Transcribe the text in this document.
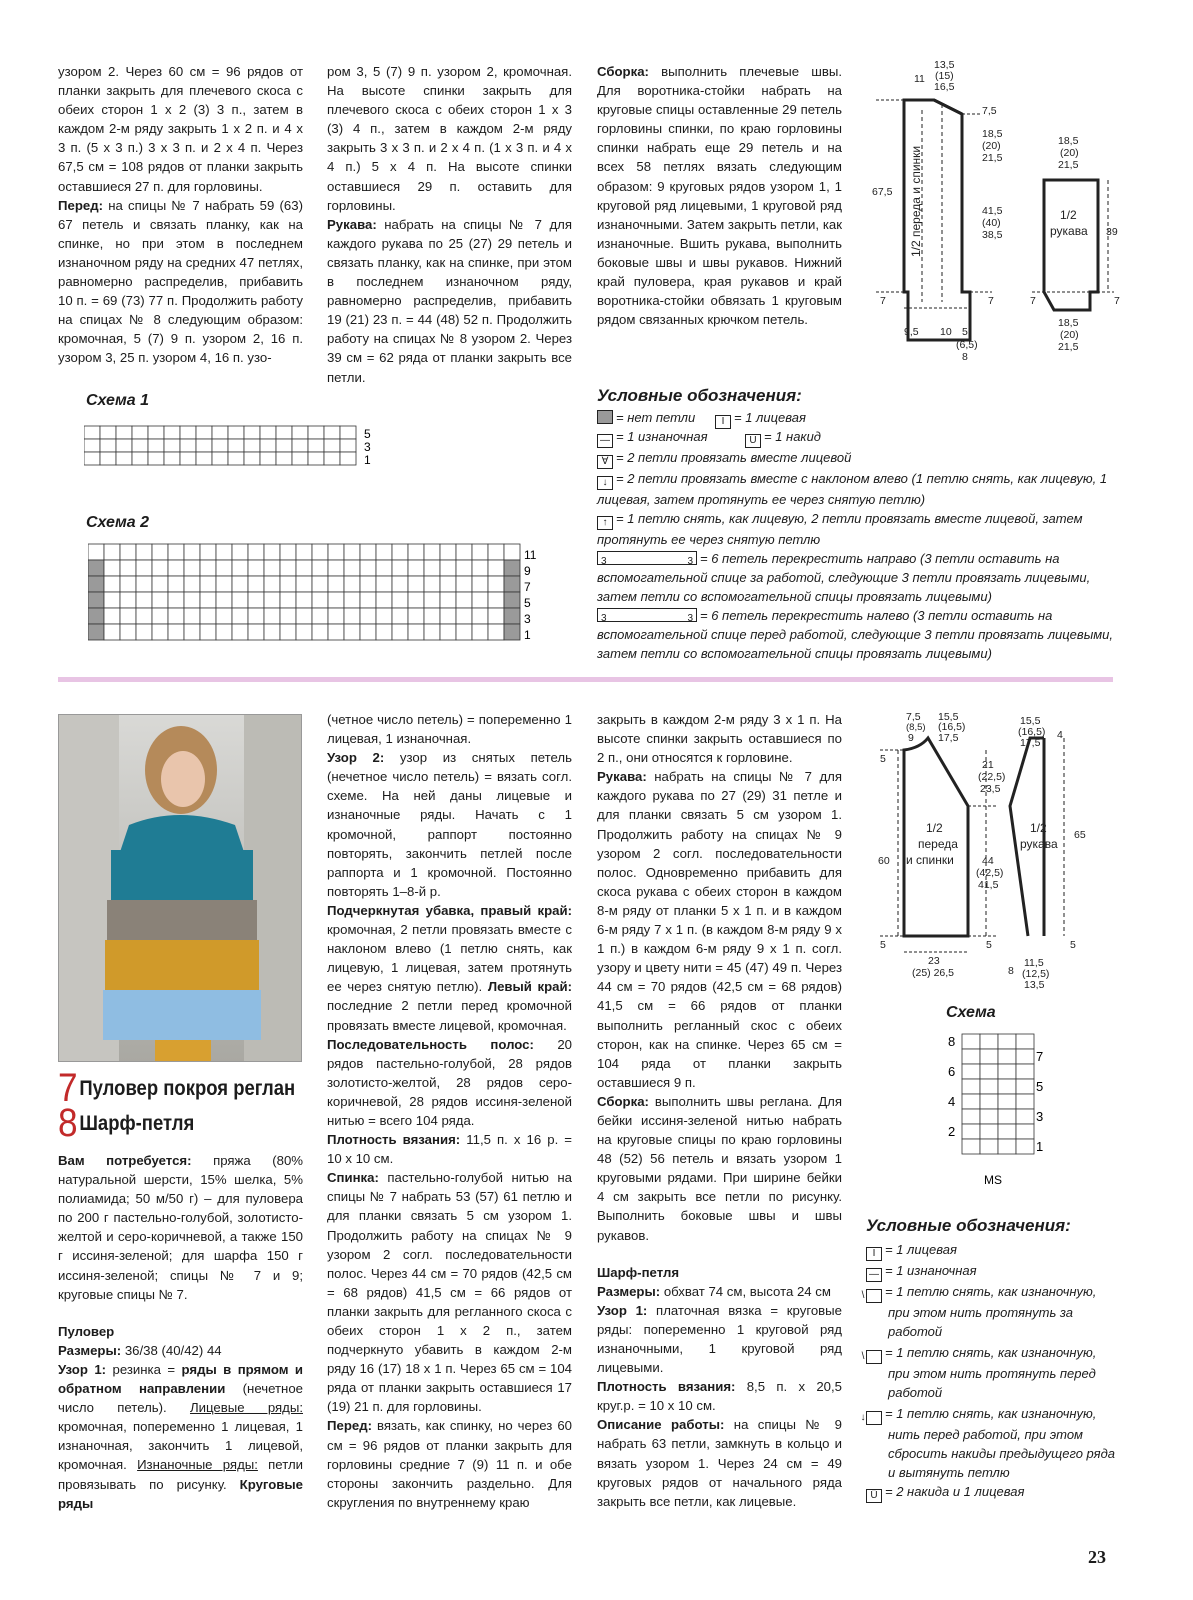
узором 2. Через 60 см = 96 рядов от планки закрыть для плечевого скоса с обеих сторон 1 х 2 (3) 3 п., затем в каждом 2-м ряду закрыть 1 х 2 п. и 4 х 3 п. (5 х 3 п.) 3 х 3 п. и 2 х 4 п. Через 67,5 см = 108 рядов от планки закрыть оставшиеся 27 п. для горловины.

Перед: на спицы № 7 набрать 59 (63) 67 петель и связать планку, как на спинке, но при этом в последнем изнаночном ряду на средних 47 петлях, равномерно распределив, прибавить 10 п. = 69 (73) 77 п. Продолжить работу на спицах № 8 следующим образом: кромочная, 5 (7) 9 п. узором 2, 16 п. узором 3, 25 п. узором 4, 16 п. узо-

ром 3, 5 (7) 9 п. узором 2, кромочная. На высоте спинки закрыть для плечевого скоса с обеих сторон 1 х 3 (3) 4 п., затем в каждом 2-м ряду закрыть 3 х 3 п. и 2 х 4 п. (1 х 3 п. и 4 х 4 п.) 5 х 4 п. На высоте спинки оставшиеся 29 п. оставить для горловины.

Рукава: набрать на спицы № 7 для каждого рукава по 25 (27) 29 петель и связать планку, как на спинке, при этом в последнем изнаночном ряду, равномерно распределив, прибавить 19 (21) 23 п. = 44 (48) 52 п. Продолжить работу на спицах № 8 узором 2. Через 39 см = 62 ряда от планки закрыть все петли.

Сборка: выполнить плечевые швы. Для воротника-стойки набрать на круговые спицы оставленные 29 петель горловины спинки, по краю горловины спинки набрать еще 29 петель и на всех 58 петлях вязать следующим образом: 9 круговых рядов узором 1, 1 круговой ряд лицевыми, 1 круговой ряд изнаночными. Затем закрыть петли, как изнаночные. Вшить рукава, выполнить боковые швы и швы рукавов. Нижний край пуловера, края рукавов и край воротника-стойки обвязать 1 круговым рядом связанных крючком петель.

13,5
(15)
16,5
11
7,5
18,5
(20)
21,5
67,5
41,5
(40)
38,5
7	7
9,5 10 5
(6,5)
8
1/2 переда и спинки
18,5
(20)
21,5
1/2
рукава 39
7	7
18,5
(20)
21,5
Схема 1
5
3
1
Схема 2
11
9
7
5
3
1
Условные обозначения:
= нет петли	I = 1 лицевая
— = 1 изнаночная	U = 1 накид
∀ = 2 петли провязать вместе лицевой
↓ = 2 петли провязать вместе с наклоном влево (1 петлю снять, как лицевую, 1 лицевая, затем протянуть ее через снятую петлю)
↑ = 1 петлю снять, как лицевую, 2 петли провязать вместе лицевой, затем протянуть ее через снятую петлю
3	3 = 6 петель перекрестить направо (3 петли оставить на вспомогательной спице за работой, следующие 3 петли провязать лицевыми, затем петли со вспомогательной спицы провязать лицевыми)
3	3 = 6 петель перекрестить налево (3 петли оставить на вспомогательной спице перед работой, следующие 3 петли провязать лицевыми, затем петли со вспомогательной спицы провязать лицевыми)
7Пуловер покроя реглан
8Шарф-петля

Вам потребуется: пряжа (80% натуральной шерсти, 15% шелка, 5% полиамида; 50 м/50 г) – для пуловера по 200 г пастельно-голубой, золотисто-желтой и серо-коричневой, а также 150 г иссиня-зеленой; для шарфа 150 г иссиня-зеленой; спицы № 7 и 9; круговые спицы № 7.

Пуловер

Размеры: 36/38 (40/42) 44

Узор 1: резинка = ряды в прямом и обратном направлении (нечетное число петель). Лицевые ряды: кромочная, попеременно 1 лицевая, 1 изнаночная, закончить 1 лицевой, кромочная. Изнаночные ряды: петли провязывать по рисунку. Круговые ряды

(четное число петель) = попеременно 1 лицевая, 1 изнаночная.

Узор 2: узор из снятых петель (нечетное число петель) = вязать согл. схеме. На ней даны лицевые и изнаночные ряды. Начать с 1 кромочной, раппорт постоянно повторять, закончить петлей после раппорта и 1 кромочной. Постоянно повторять 1–8-й р.

Подчеркнутая убавка, правый край: кромочная, 2 петли провязать вместе с наклоном влево (1 петлю снять, как лицевую, 1 лицевая, затем протянуть ее через снятую петлю). Левый край: последние 2 петли перед кромочной провязать вместе лицевой, кромочная.

Последовательность полос: 20 рядов пастельно-голубой, 28 рядов золотисто-желтой, 28 рядов серо-коричневой, 28 рядов иссиня-зеленой нитью = всего 104 ряда.

Плотность вязания: 11,5 п. х 16 р. = 10 х 10 см.

Спинка: пастельно-голубой нитью на спицы № 7 набрать 53 (57) 61 петлю и для планки связать 5 см узором 1. Продолжить работу на спицах № 9 узором 2 согл. последовательности полос. Через 44 см = 70 рядов (42,5 см = 68 рядов) 41,5 см = 66 рядов от планки закрыть для регланного скоса с обеих сторон 1 х 2 п., затем подчеркнуто убавить в каждом 2-м ряду 16 (17) 18 х 1 п. Через 65 см = 104 ряда от планки закрыть оставшиеся 17 (19) 21 п. для горловины.

Перед: вязать, как спинку, но через 60 см = 96 рядов от планки закрыть для горловины средние 7 (9) 11 п. и обе стороны закончить раздельно. Для скругления по внутреннему краю

закрыть в каждом 2-м ряду 3 х 1 п. На высоте спинки закрыть оставшиеся по 2 п., они относятся к горловине.

Рукава: набрать на спицы № 7 для каждого рукава по 27 (29) 31 петле и для планки связать 5 см узором 1. Продолжить работу на спицах № 9 узором 2 согл. последовательности полос. Одновременно прибавить для скоса рукава с обеих сторон в каждом 8-м ряду от планки 5 х 1 п. и в каждом 6-м ряду 7 х 1 п. (в каждом 8-м ряду 9 х 1 п.) в каждом 6-м ряду 9 х 1 п. согл. узору и цвету нити = 45 (47) 49 п. Через 44 см = 70 рядов (42,5 см = 68 рядов) 41,5 см = 66 рядов от планки выполнить регланный скос с обеих сторон, как на спинке. Через 65 см = 104 ряда от планки закрыть оставшиеся 9 п.

Сборка: выполнить швы реглана. Для бейки иссиня-зеленой нитью набрать на круговые спицы по краю горловины 48 (52) 56 петель и вязать узором 1 круговыми рядами. При ширине бейки 4 см закрыть все петли по рисунку. Выполнить боковые швы и швы рукавов.

Шарф-петля

Размеры: обхват 74 см, высота 24 см

Узор 1: платочная вязка = круговые ряды: попеременно 1 круговой ряд изнаночными, 1 круговой ряд лицевыми.

Плотность вязания: 8,5 п. х 20,5 круг.р. = 10 х 10 см.

Описание работы: на спицы № 9 набрать 63 петли, замкнуть в кольцо и вязать узором 1. Через 24 см = 49 круговых рядов от начального ряда закрыть все петли, как лицевые.

7,5
(8,5)
9
15,5
(16,5)
17,5
15,5
(16,5)
17,5
4
5	21
(22,5)
23,5
1/2
переда
и спинки
1/2
рукава
60
65
44
(42,5)
41,5
5	5	5
23
(25) 26,5	8
11,5
(12,5)
13,5
Схема
8
6
4
2
7
5
3
1
MS
Условные обозначения:
I = 1 лицевая
— = 1 изнаночная
\ = 1 петлю снять, как изнаночную, при этом нить протянуть за работой
\ = 1 петлю снять, как изнаночную, при этом нить протянуть перед работой
↓ = 1 петлю снять, как изнаночную, нить перед работой, при этом сбросить накиды предыдущего ряда и вытянуть петлю
Ü = 2 накида и 1 лицевая
23
